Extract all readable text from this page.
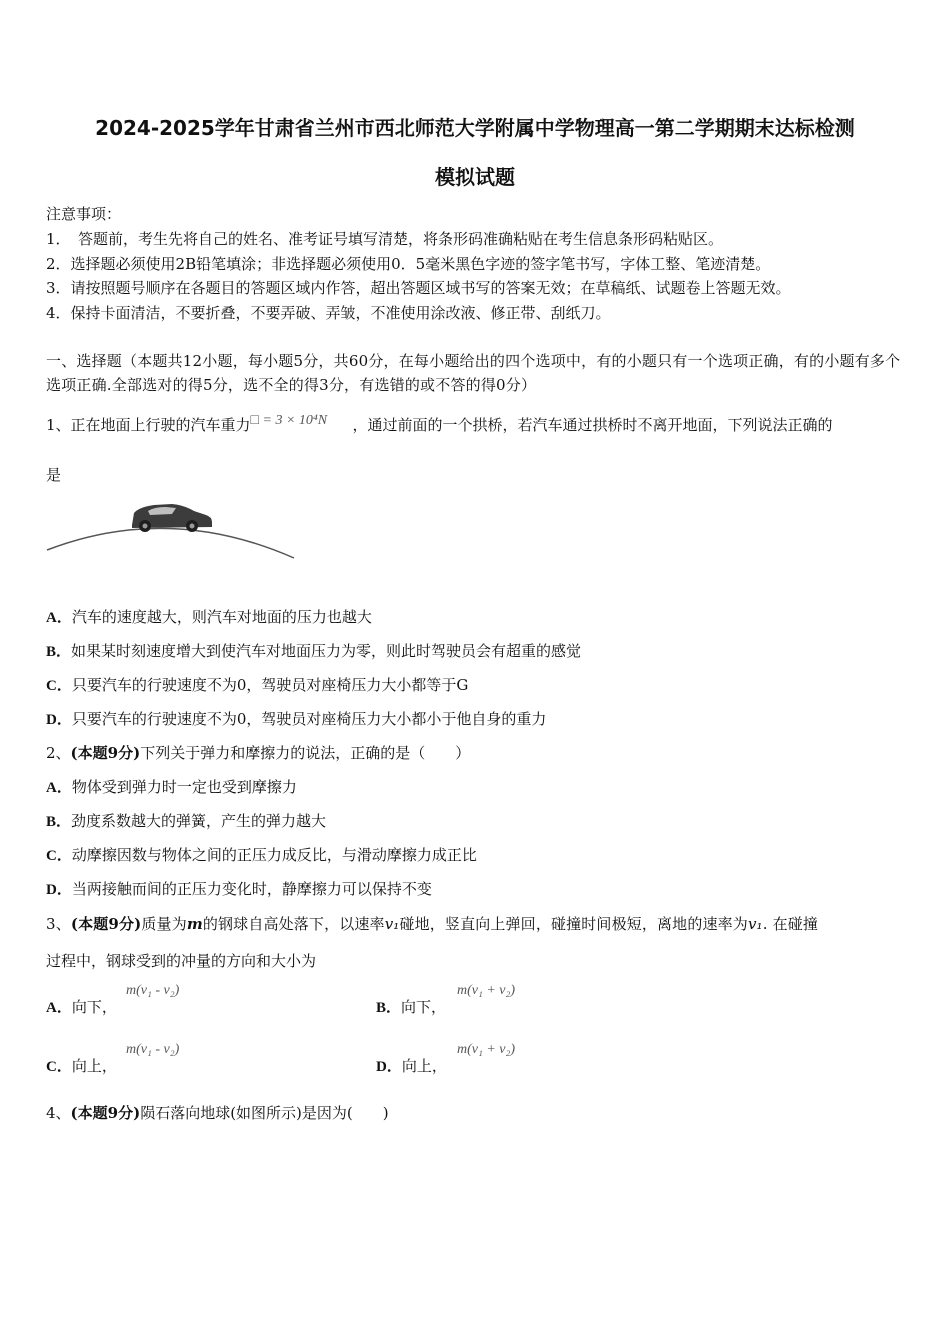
2024-2025学年甘肃省兰州市西北师范大学附属中学物理高一第二学期期末达标检测
模拟试题
注意事项：
1．　答题前，考生先将自己的姓名、准考证号填写清楚，将条形码准确粘贴在考生信息条形码粘贴区。
2．选择题必须使用2B铅笔填涂；非选择题必须使用0．5毫米黑色字迹的签字笔书写，字体工整、笔迹清楚。
3．请按照题号顺序在各题目的答题区域内作答，超出答题区域书写的答案无效；在草稿纸、试题卷上答题无效。
4．保持卡面清洁，不要折叠，不要弄破、弄皱，不准使用涂改液、修正带、刮纸刀。
一、选择题（本题共12小题，每小题5分，共60分，在每小题给出的四个选项中，有的小题只有一个选项正确，有的小题有多个选项正确.全部选对的得5分，选不全的得3分，有选错的或不答的得0分）
1、正在地面上行驶的汽车重力□ = 3 × 10⁴N ，通过前面的一个拱桥，若汽车通过拱桥时不离开地面，下列说法正确的
是
A．汽车的速度越大，则汽车对地面的压力也越大
B．如果某时刻速度增大到使汽车对地面压力为零，则此时驾驶员会有超重的感觉
C．只要汽车的行驶速度不为0，驾驶员对座椅压力大小都等于G
D．只要汽车的行驶速度不为0，驾驶员对座椅压力大小都小于他自身的重力
2、(本题9分)下列关于弹力和摩擦力的说法，正确的是（　　）
A．物体受到弹力时一定也受到摩擦力
B．劲度系数越大的弹簧，产生的弹力越大
C．动摩擦因数与物体之间的正压力成反比，与滑动摩擦力成正比
D．当两接触而间的正压力变化时，静摩擦力可以保持不变
3、(本题9分)质量为m的钢球自高处落下，以速率v₁碰地，竖直向上弹回，碰撞时间极短，离地的速率为v₁. 在碰撞
过程中，钢球受到的冲量的方向和大小为
A．向下，
m(v₁ - v₂)
B．向下，
m(v₁ + v₂)
C．向上，
m(v₁ - v₂)
D．向上，
m(v₁ + v₂)
4、(本题9分)陨石落向地球(如图所示)是因为(　　)
